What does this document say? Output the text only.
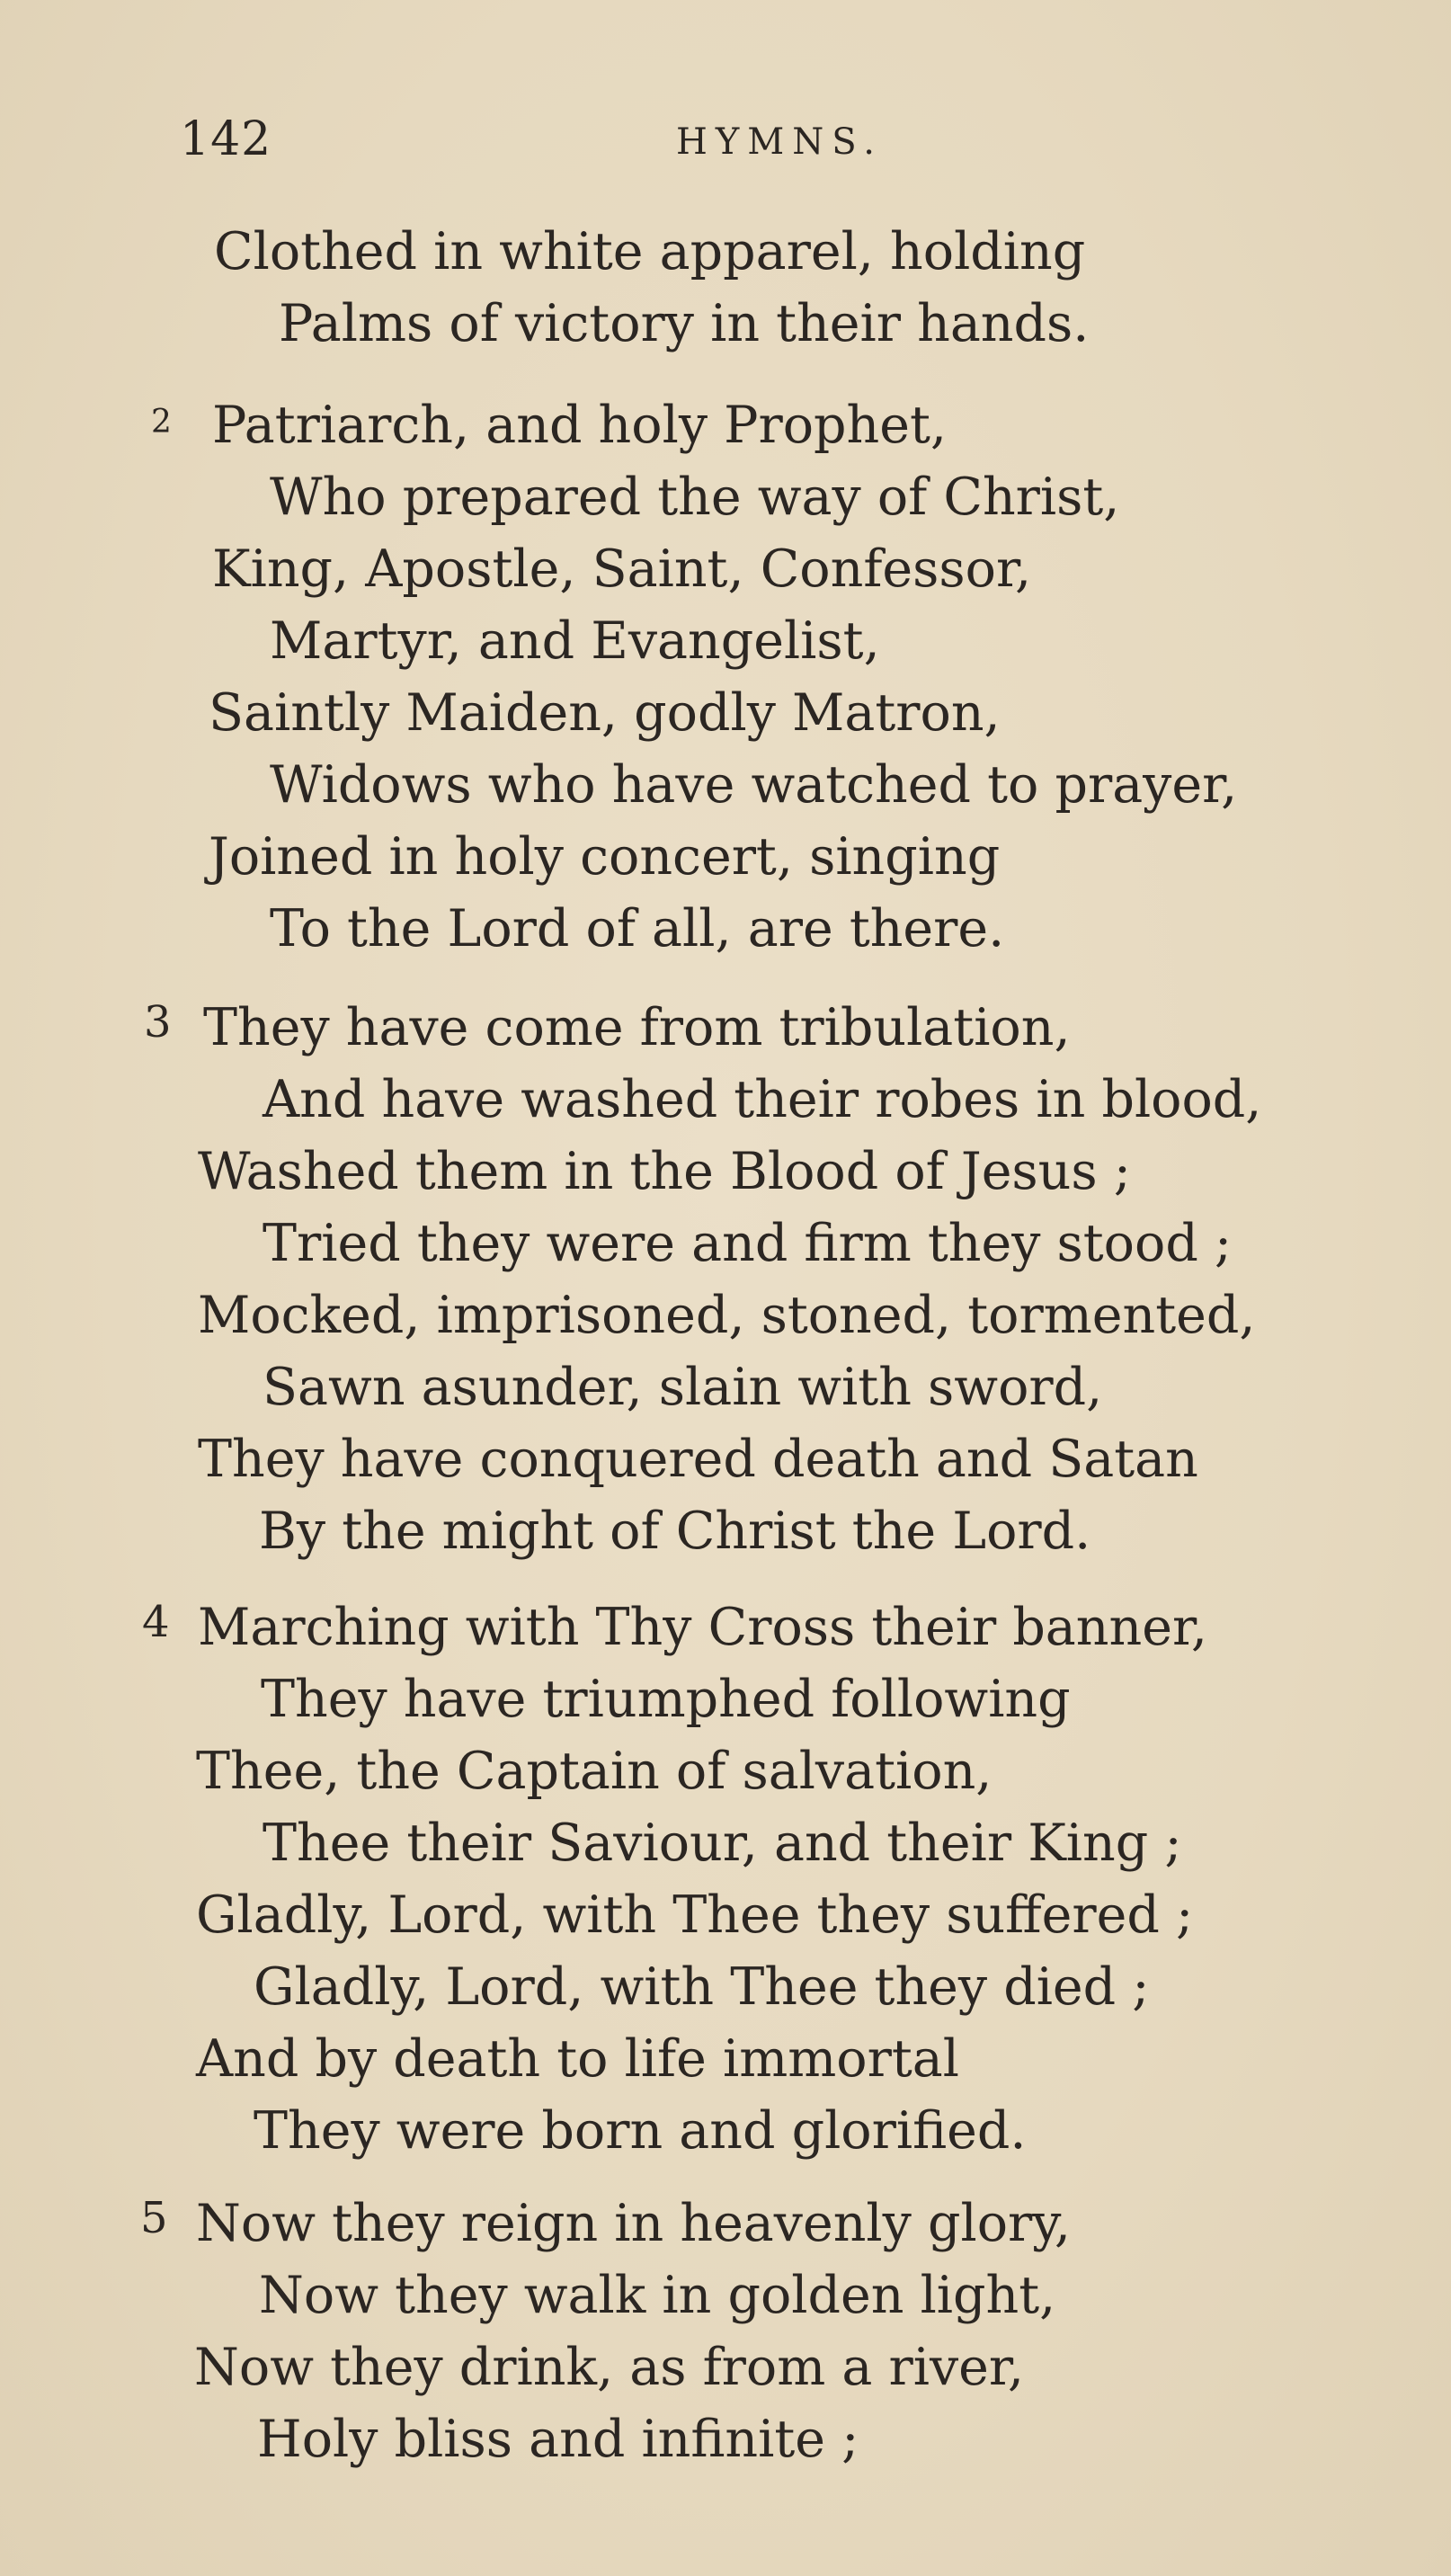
142	HYMNS.
Clothed in white apparel, holding
Palms of victory in their hands.
2 Patriarch, and holy Prophet,
Who prepared the way of Christ,
King, Apostle, Saint, Confessor,
Martyr, and Evangelist,
Saintly Maiden, godly Matron,
Widows who have watched to prayer,
Joined in holy concert, singing
To the Lord of all, are there.
3 They have come from tribulation,
And have washed their robes in blood,
Washed them in the Blood of Jesus ;
Tried they were and firm they stood ;
Mocked, imprisoned, stoned, tormented,
Sawn asunder, slain with sword,
They have conquered death and Satan
By the might of Christ the Lord.
4 Marching with Thy Cross their banner,
They have triumphed following
Thee, the Captain of salvation,
Thee their Saviour, and their King ;
Gladly, Lord, with Thee they suffered ;
Gladly, Lord, with Thee they died ;
And by death to life immortal
They were born and glorified.
5 Now they reign in heavenly glory,
Now they walk in golden light,
Now they drink, as from a river,
Holy bliss and infinite ;
